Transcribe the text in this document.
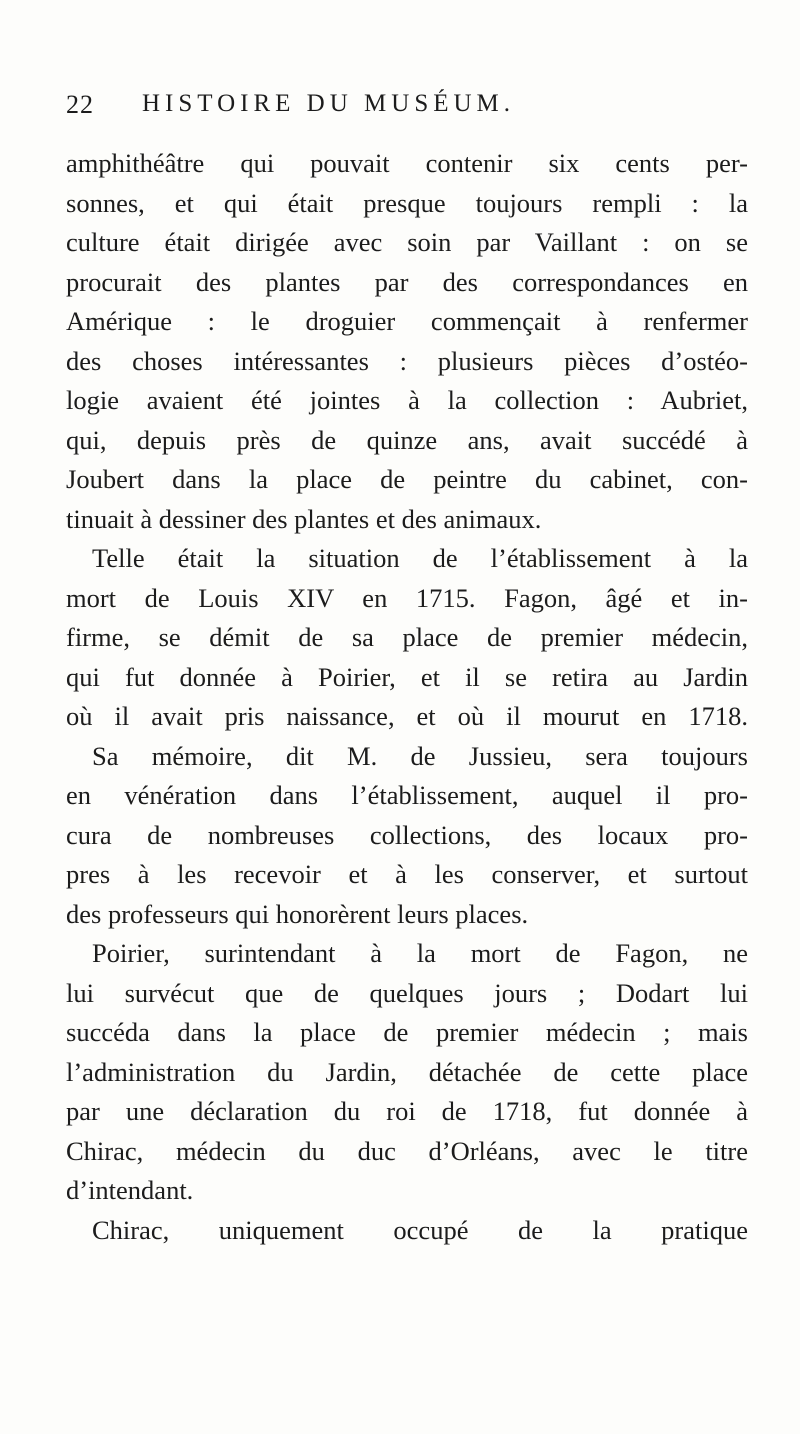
22 HISTOIRE DU MUSÉUM.
amphithéâtre qui pouvait contenir six cents per-
sonnes, et qui était presque toujours rempli : la
culture était dirigée avec soin par Vaillant : on se
procurait des plantes par des correspondances en
Amérique : le droguier commençait à renfermer
des choses intéressantes : plusieurs pièces d’ostéo-
logie avaient été jointes à la collection : Aubriet,
qui, depuis près de quinze ans, avait succédé à
Joubert dans la place de peintre du cabinet, con-
tinuait à dessiner des plantes et des animaux.
Telle était la situation de l’établissement à la
mort de Louis XIV en 1715. Fagon, âgé et in-
firme, se démit de sa place de premier médecin,
qui fut donnée à Poirier, et il se retira au Jardin
où il avait pris naissance, et où il mourut en 1718.
Sa mémoire, dit M. de Jussieu, sera toujours
en vénération dans l’établissement, auquel il pro-
cura de nombreuses collections, des locaux pro-
pres à les recevoir et à les conserver, et surtout
des professeurs qui honorèrent leurs places.
Poirier, surintendant à la mort de Fagon, ne
lui survécut que de quelques jours ; Dodart lui
succéda dans la place de premier médecin ; mais
l’administration du Jardin, détachée de cette place
par une déclaration du roi de 1718, fut donnée à
Chirac, médecin du duc d’Orléans, avec le titre
d’intendant.
Chirac, uniquement occupé de la pratique
